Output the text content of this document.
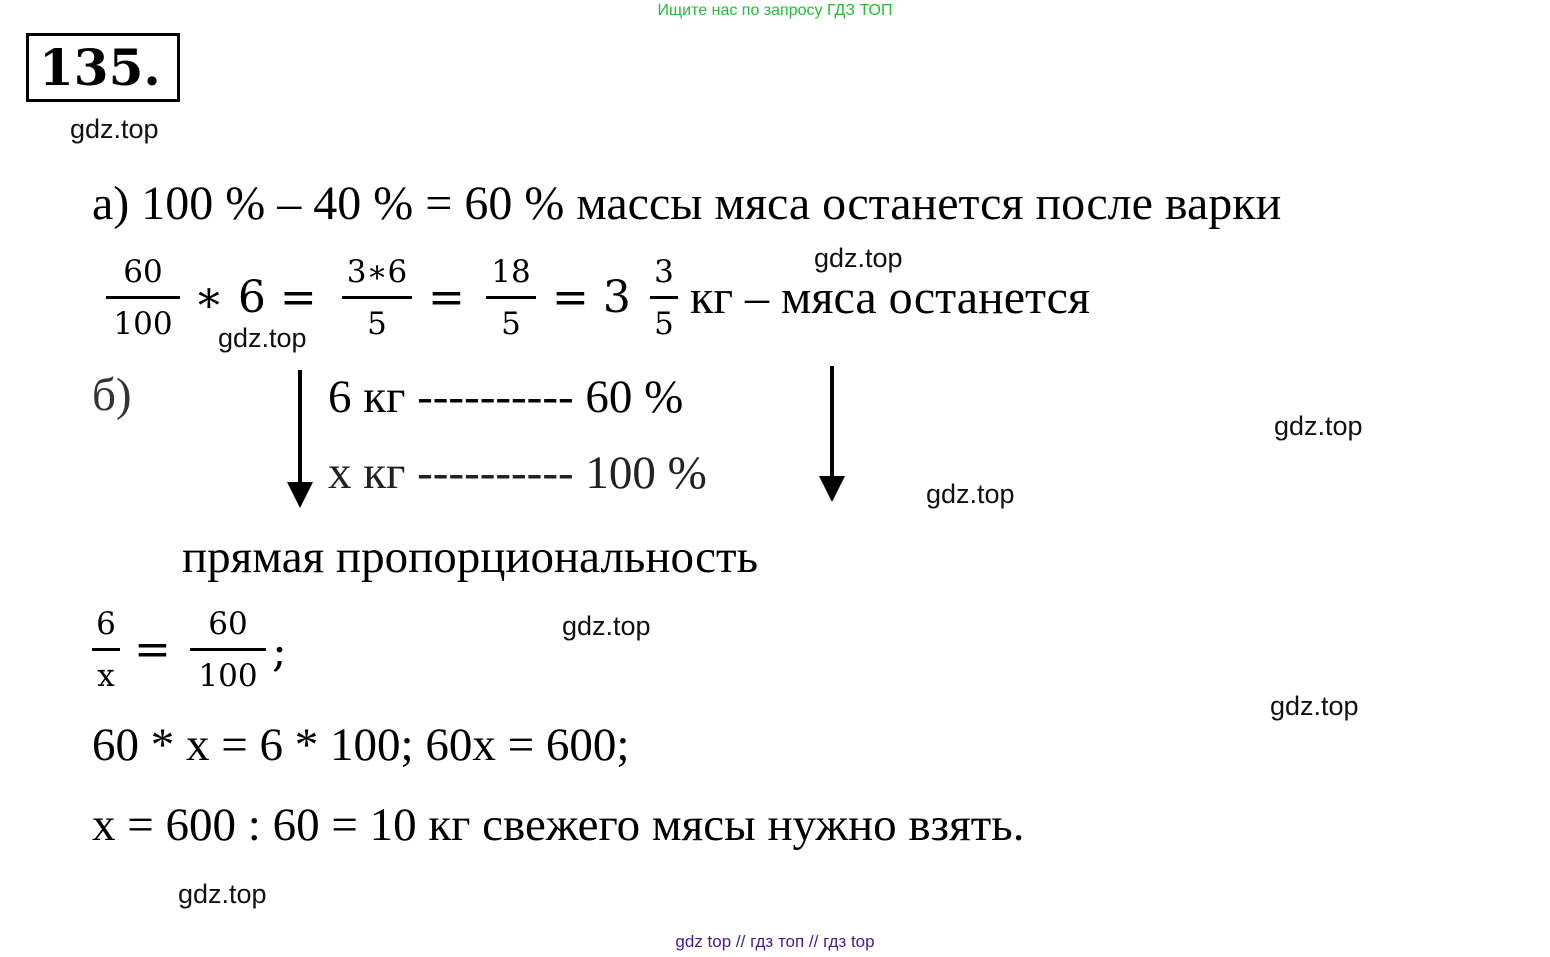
Ищите нас по запросу ГДЗ ТОП
135.
gdz.top
gdz.top
gdz.top
gdz.top
gdz.top
gdz.top
gdz.top
gdz.top
а) 100 % – 40 % = 60 % массы мяса останется после варки
60
100
∗ 6 = 3∗6
5
= 18
5
= 3 3
5 кг – мяса останется
б)	6 кг ---------- 60 %
х кг ---------- 100 %
прямая пропорциональность
6
х
=	60
100 ;
60 * х = 6 * 100; 60х = 600;
х = 600 : 60 = 10 кг свежего мясы нужно взять.
gdz top // гдз топ // гдз top
